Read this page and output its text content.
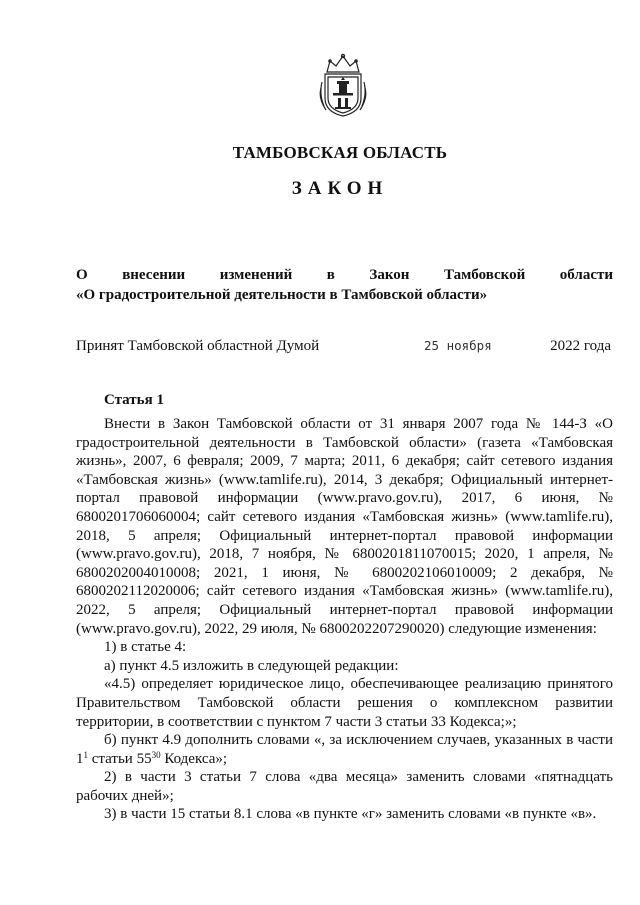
ТАМБОВСКАЯ ОБЛАСТЬ
ЗАКОН
О внесении изменений в Закон Тамбовской области
«О градостроительной деятельности в Тамбовской области»
Принят Тамбовской областной Думой	25 ноября	2022 года
Статья 1

Внести в Закон Тамбовской области от 31 января 2007 года № 144-З «О градостроительной деятельности в Тамбовской области» (газета «Тамбовская жизнь», 2007, 6 февраля; 2009, 7 марта; 2011, 6 декабря; сайт сетевого издания «Тамбовская жизнь» (www.tamlife.ru), 2014, 3 декабря; Официальный интернет-портал правовой информации (www.pravo.gov.ru), 2017, 6 июня, № 6800201706060004; сайт сетевого издания «Тамбовская жизнь» (www.tamlife.ru), 2018, 5 апреля; Официальный интернет-портал правовой информации (www.pravo.gov.ru), 2018, 7 ноября, № 6800201811070015; 2020, 1 апреля, № 6800202004010008; 2021, 1 июня, № 6800202106010009; 2 декабря, № 6800202112020006; сайт сетевого издания «Тамбовская жизнь» (www.tamlife.ru), 2022, 5 апреля; Официальный интернет-портал правовой информации (www.pravo.gov.ru), 2022, 29 июля, № 6800202207290020) следующие изменения:

1) в статье 4:

а) пункт 4.5 изложить в следующей редакции:

«4.5) определяет юридическое лицо, обеспечивающее реализацию принятого Правительством Тамбовской области решения о комплексном развитии территории, в соответствии с пунктом 7 части 3 статьи 33 Кодекса;»;

б) пункт 4.9 дополнить словами «, за исключением случаев, указанных в части $1^1$ статьи $55^{30}$ Кодекса»;

2) в части 3 статьи 7 слова «два месяца» заменить словами «пятнадцать рабочих дней»;

3) в части 15 статьи 8.1 слова «в пункте «г» заменить словами «в пункте «в».
